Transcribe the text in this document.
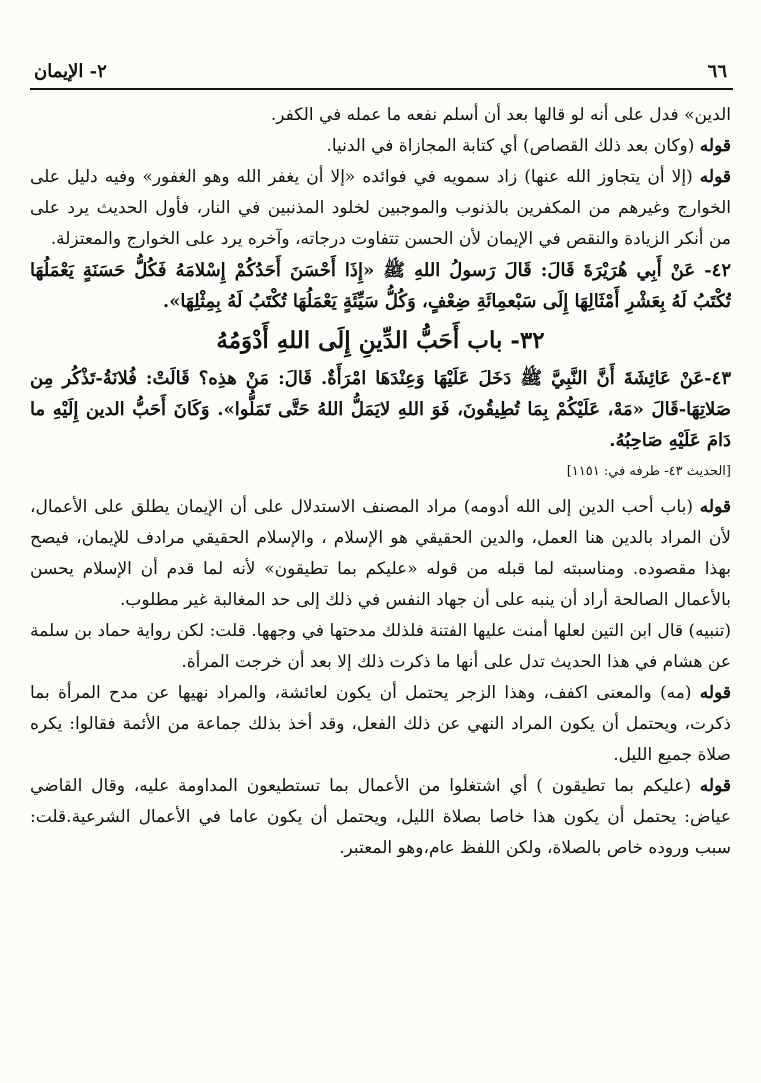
٦٦
٢- الإيمان

الدين» فدل على أنه لو قالها بعد أن أسلم نفعه ما عمله في الكفر.

قوله (وكان بعد ذلك القصاص) أي كتابة المجازاة في الدنيا.

قوله (إلا أن يتجاوز الله عنها) زاد سمويه في فوائده «إلا أن يغفر الله وهو الغفور» وفيه دليل على الخوارج وغيرهم من المكفرين بالذنوب والموجبين لخلود المذنبين في النار، فأول الحديث يرد على من أنكر الزيادة والنقص في الإيمان لأن الحسن تتفاوت درجاته، وآخره يرد على الخوارج والمعتزلة.

٤٢- عَنْ أَبِي هُرَيْرَةَ قَالَ: قَالَ رَسولُ اللهِ ﷺ «إِذَا أَحْسَنَ أَحَدُكُمْ إِسْلامَهُ فَكُلُّ حَسَنَةٍ يَعْمَلُهَا تُكْتَبُ لَهُ بِعَشْرِ أَمْثَالِهَا إِلَى سَبْعمِائَةِ ضِعْفٍ، وَكُلُّ سَيِّئَةٍ يَعْمَلُهَا تُكْتَبُ لَهُ بِمِثْلِهَا».

٣٢- باب أَحَبُّ الدِّينِ إِلَى اللهِ أَدْوَمُهُ

٤٣-عَنْ عَائِشَةَ أَنَّ النَّبِيَّ ﷺ دَخَلَ عَلَيْهَا وَعِنْدَهَا امْرَأَةٌ. قَالَ: مَنْ هذِه؟ قَالَتْ: فُلانَةُ-تَذْكُر مِن صَلاتِهَا-قَالَ «مَهْ، عَلَيْكُمْ بِمَا تُطِيقُونَ، فَوَ اللهِ لايَمَلُّ اللهُ حَتَّى تَمَلُّوا». وَكَانَ أَحَبُّ الدين إِلَيْهِ ما دَامَ عَلَيْهِ صَاحِبُهُ.

[الحديث ٤٣- طرفه في: ١١٥١]

قوله (باب أحب الدين إلى الله أدومه) مراد المصنف الاستدلال على أن الإيمان يطلق على الأعمال، لأن المراد بالدين هنا العمل، والدين الحقيقي هو الإسلام ، والإسلام الحقيقي مرادف للإيمان، فيصح بهذا مقصوده. ومناسبته لما قبله من قوله «عليكم بما تطيقون» لأنه لما قدم أن الإسلام يحسن بالأعمال الصالحة أراد أن ينبه على أن جهاد النفس في ذلك إلى حد المغالبة غير مطلوب.

(تنبيه) قال ابن التين لعلها أمنت عليها الفتنة فلذلك مدحتها في وجهها. قلت: لكن رواية حماد بن سلمة عن هشام في هذا الحديث تدل على أنها ما ذكرت ذلك إلا بعد أن خرجت المرأة.

قوله (مه) والمعنى اكفف، وهذا الزجر يحتمل أن يكون لعائشة، والمراد نهيها عن مدح المرأة بما ذكرت، ويحتمل أن يكون المراد النهي عن ذلك الفعل، وقد أخذ بذلك جماعة من الأئمة فقالوا: يكره صلاة جميع الليل.

قوله (عليكم بما تطيقون ) أي اشتغلوا من الأعمال بما تستطيعون المداومة عليه، وقال القاضي عياض: يحتمل أن يكون هذا خاصا بصلاة الليل، ويحتمل أن يكون عاما في الأعمال الشرعية.قلت: سبب وروده خاص بالصلاة، ولكن اللفظ عام،وهو المعتبر.
